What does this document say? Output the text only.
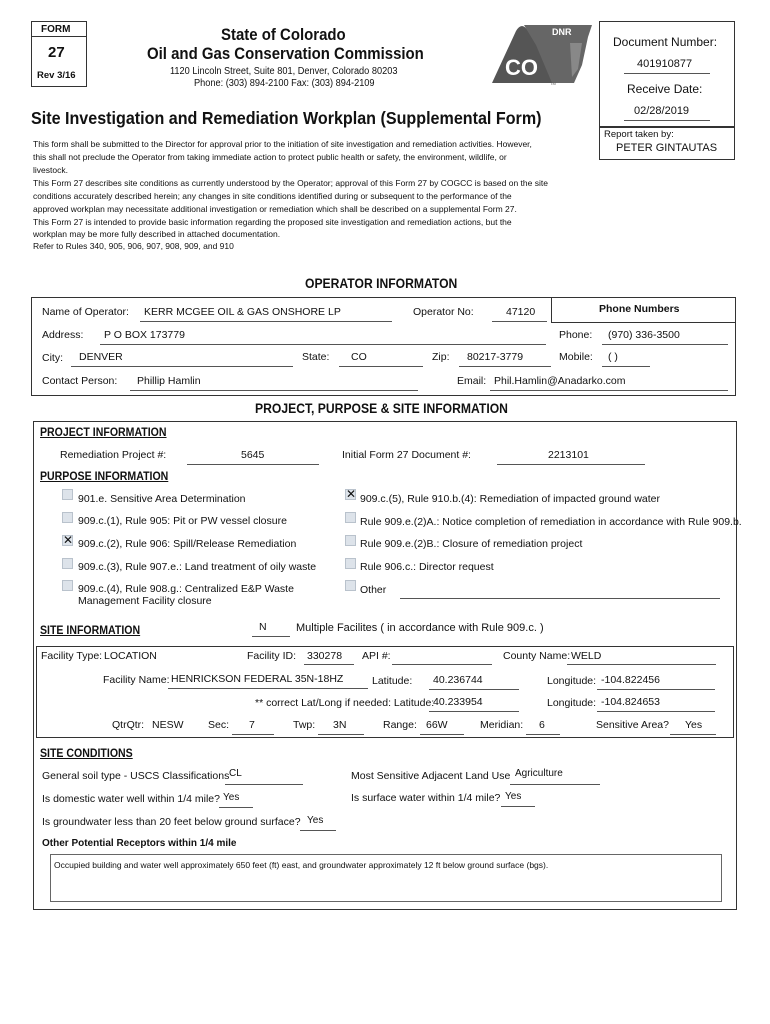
FORM
27
Rev 3/16
State of Colorado
Oil and Gas Conservation Commission
1120 Lincoln Street, Suite 801, Denver, Colorado 80203
Phone: (303) 894-2100 Fax: (303) 894-2109
DNR
CO
TM
Document Number:
401910877
Receive Date:
02/28/2019
Report taken by:
PETER GINTAUTAS
Site Investigation and Remediation Workplan (Supplemental Form)
This form shall be submitted to the Director for approval prior to the initiation of site investigation and remediation activities. However,
this shall not preclude the Operator from taking immediate action to protect public health or safety, the environment, wildlife, or
livestock.
This Form 27 describes site conditions as currently understood by the Operator; approval of this Form 27 by COGCC is based on the site
conditions accurately described herein; any changes in site conditions identified during or subsequent to the performance of the
approved workplan may necessitate additional investigation or remediation which shall be described on a supplemental Form 27.
This Form 27 is intended to provide basic information regarding the proposed site investigation and remediation actions, but the
workplan may be more fully described in attached documentation.
Refer to Rules 340, 905, 906, 907, 908, 909, and 910
OPERATOR INFORMATON
Name of Operator: KERR MCGEE OIL & GAS ONSHORE LP	Operator No:	47120	Phone Numbers
Address: P O BOX 173779	Phone: (970) 336-3500
City: DENVER	State: CO	Zip: 80217-3779	Mobile: ( )
Contact Person: Phillip Hamlin	Email: Phil.Hamlin@Anadarko.com
PROJECT, PURPOSE & SITE INFORMATION
PROJECT INFORMATION
Remediation Project #:	5645	Initial Form 27 Document #:	2213101
PURPOSE INFORMATION
901.e. Sensitive Area Determination
909.c.(1), Rule 905: Pit or PW vessel closure
✕
909.c.(2), Rule 906: Spill/Release Remediation
909.c.(3), Rule 907.e.: Land treatment of oily waste
909.c.(4), Rule 908.g.: Centralized E&P Waste
Management Facility closure
✕
909.c.(5), Rule 910.b.(4): Remediation of impacted ground water
Rule 909.e.(2)A.: Notice completion of remediation in accordance with Rule 909.b.
Rule 909.e.(2)B.: Closure of remediation project
Rule 906.c.: Director request
Other
SITE INFORMATION	N	Multiple Facilites ( in accordance with Rule 909.c. )
Facility Type: LOCATION	Facility ID: 330278 API #:	County Name: WELD
Facility Name: HENRICKSON FEDERAL 35N-18HZ	Latitude: 40.236744	Longitude: -104.822456
** correct Lat/Long if needed: Latitude:
40.233954	Longitude: -104.824653
QtrQtr: NESW Sec: 7	Twp: 3N	Range: 66W	Meridian: 6	Sensitive Area? Yes
SITE CONDITIONS
General soil type - USCS Classifications CL	Most Sensitive Adjacent Land Use Agriculture
Is domestic water well within 1/4 mile? Yes	Is surface water within 1/4 mile? Yes
Is groundwater less than 20 feet below ground surface? Yes
Other Potential Receptors within 1/4 mile
Occupied building and water well approximately 650 feet (ft) east, and groundwater approximately 12 ft below ground surface (bgs).
